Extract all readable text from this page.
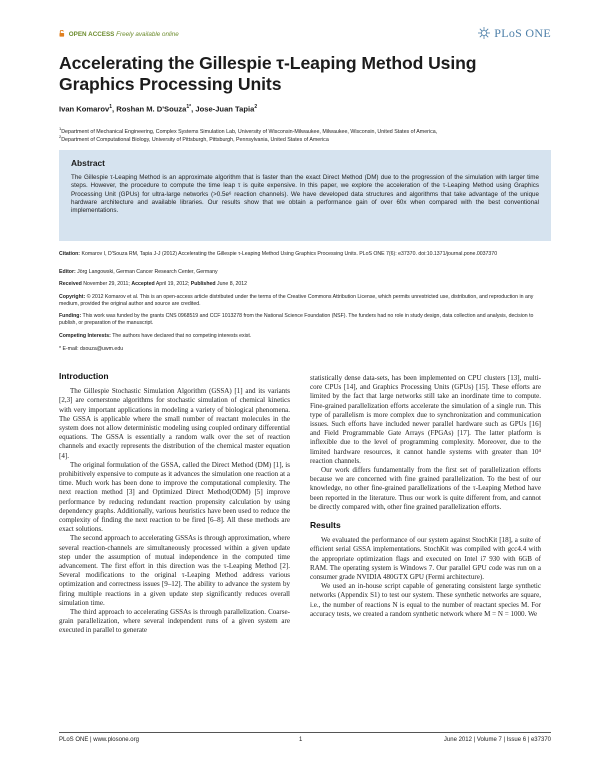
OPEN ACCESS Freely available online	PLoS ONE
Accelerating the Gillespie τ-Leaping Method Using Graphics Processing Units
Ivan Komarov$^1$, Roshan M. D'Souza$^{1*}$, Jose-Juan Tapia$^2$
$^1$Department of Mechanical Engineering, Complex Systems Simulation Lab, University of Wisconsin-Milwaukee, Milwaukee, Wisconsin, United States of America,
$^2$Department of Computational Biology, University of Pittsburgh, Pittsburgh, Pennsylvania, United States of America
Abstract

The Gillespie τ-Leaping Method is an approximate algorithm that is faster than the exact Direct Method (DM) due to the progression of the simulation with larger time steps. However, the procedure to compute the time leap τ is quite expensive. In this paper, we explore the acceleration of the τ-Leaping Method using Graphics Processing Unit (GPUs) for ultra-large networks (>0.5e⁶ reaction channels). We have developed data structures and algorithms that take advantage of the unique hardware architecture and available libraries. Our results show that we obtain a performance gain of over 60x when compared with the best conventional implementations.

Citation: Komarov I, D'Souza RM, Tapia J-J (2012) Accelerating the Gillespie τ-Leaping Method Using Graphics Processing Units. PLoS ONE 7(6): e37370. doi:10.1371/journal.pone.0037370
Editor: Jörg Langowski, German Cancer Research Center, Germany
Received November 29, 2011; Accepted April 19, 2012; Published June 8, 2012
Copyright: © 2012 Komarov et al. This is an open-access article distributed under the terms of the Creative Commons Attribution License, which permits unrestricted use, distribution, and reproduction in any medium, provided the original author and source are credited.
Funding: This work was funded by the grants CNS 0968519 and CCF 1013278 from the National Science Foundation (NSF). The funders had no role in study design, data collection and analysis, decision to publish, or preparation of the manuscript.
Competing Interests: The authors have declared that no competing interests exist.
* E-mail: dsouza@uwm.edu
Introduction

The Gillespie Stochastic Simulation Algorithm (GSSA) [1] and its variants [2,3] are cornerstone algorithms for stochastic simulation of chemical kinetics with very important applications in modeling a variety of biological phenomena. The GSSA is applicable where the small number of reactant molecules in the system does not allow deterministic modeling using coupled ordinary differential equations. The GSSA is essentially a random walk over the set of reaction channels and exactly represents the distribution of the chemical master equation [4].

The original formulation of the GSSA, called the Direct Method (DM) [1], is prohibitively expensive to compute as it advances the simulation one reaction at a time. Much work has been done to improve the computational complexity. The next reaction method [3] and Optimized Direct Method(ODM) [5] improve performance by reducing redundant reaction propensity calculation by using dependency graphs. Additionally, various heuristics have been used to reduce the complexity of finding the next reaction to be fired [6–8]. All these methods are exact solutions.

The second approach to accelerating GSSAs is through approximation, where several reaction-channels are simultaneously processed within a given update step under the assumption of mutual independence in the computed time advancement. The first effort in this direction was the τ-Leaping Method [2]. Several modifications to the original τ-Leaping Method address various optimization and correctness issues [9–12]. The ability to advance the system by firing multiple reactions in a given update step significantly reduces overall simulation time.

The third approach to accelerating GSSAs is through parallelization. Coarse-grain parallelization, where several independent runs of a given system are executed in parallel to generate

statistically dense data-sets, has been implemented on CPU clusters [13], multi-core CPUs [14], and Graphics Processing Units (GPUs) [15]. These efforts are limited by the fact that large networks still take an inordinate time to compute. Fine-grained parallelization efforts accelerate the simulation of a single run. This type of parallelism is more complex due to synchronization and communication issues. Such efforts have included newer parallel hardware such as GPUs [16] and Field Programmable Gate Arrays (FPGAs) [17]. The latter platform is inflexible due to the level of programming complexity. Moreover, due to the limited hardware resources, it cannot handle systems with greater than 10⁴ reaction channels.

Our work differs fundamentally from the first set of parallelization efforts because we are concerned with fine grained parallelization. To the best of our knowledge, no other fine-grained parallelizations of the τ-Leaping Method have been reported in the literature. Thus our work is quite different from, and cannot be directly compared with, other fine grained parallelization efforts.

Results

We evaluated the performance of our system against StochKit [18], a suite of efficient serial GSSA implementations. StochKit was compiled with gcc4.4 with the appropriate optimization flags and executed on Intel i7 930 with 6GB of RAM. The operating system is Windows 7. Our parallel GPU code was run on a consumer grade NVIDIA 480GTX GPU (Fermi architecture).

We used an in-house script capable of generating consistent large synthetic networks (Appendix S1) to test our system. These synthetic networks are square, i.e., the number of reactions N is equal to the number of reactant species M. For accuracy tests, we created a random synthetic network where M = N = 1000. We

PLoS ONE | www.plosone.org	1	June 2012 | Volume 7 | Issue 6 | e37370
